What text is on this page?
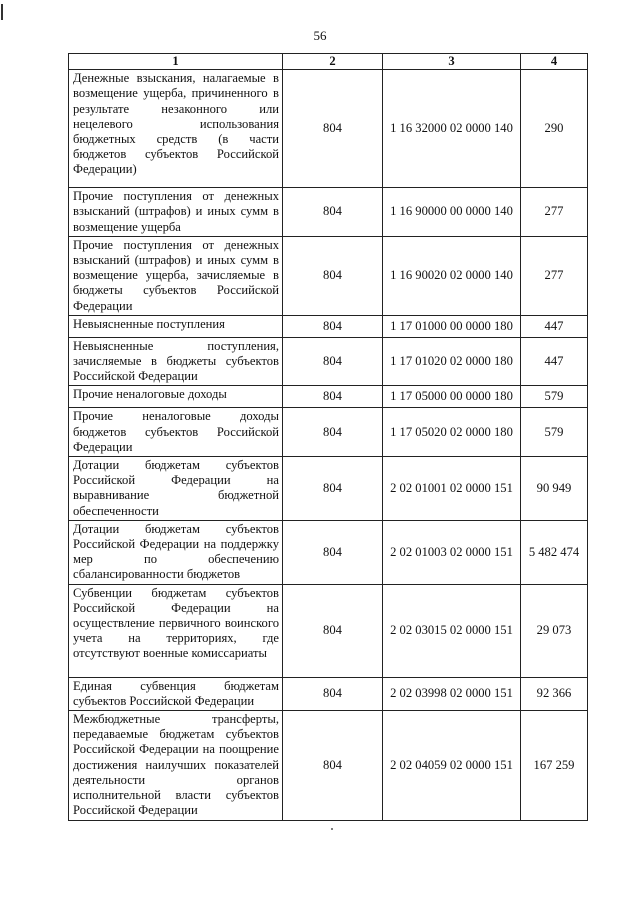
56
1	2	3	4
Денежные взыскания, налагаемые в возмещение ущерба, причиненного в результате незаконного или нецелевого использования бюджетных средств (в части бюджетов субъектов Российской Федерации)	804	1 16 32000 02 0000 140	290
Прочие поступления от денежных взысканий (штрафов) и иных сумм в возмещение ущерба	804	1 16 90000 00 0000 140	277
Прочие поступления от денежных взысканий (штрафов) и иных сумм в возмещение ущерба, зачисляемые в бюджеты субъектов Российской Федерации	804	1 16 90020 02 0000 140	277
Невыясненные поступления	804	1 17 01000 00 0000 180	447
Невыясненные поступления, зачисляемые в бюджеты субъектов Российской Федерации	804	1 17 01020 02 0000 180	447
Прочие неналоговые доходы	804	1 17 05000 00 0000 180	579
Прочие неналоговые доходы бюджетов субъектов Российской Федерации	804	1 17 05020 02 0000 180	579
Дотации бюджетам субъектов Российской Федерации на выравнивание бюджетной обеспеченности	804	2 02 01001 02 0000 151	90 949
Дотации бюджетам субъектов Российской Федерации на поддержку мер по обеспечению сбалансированности бюджетов	804	2 02 01003 02 0000 151	5 482 474
Субвенции бюджетам субъектов Российской Федерации на осуществление первичного воинского учета на территориях, где отсутствуют военные комиссариаты	804	2 02 03015 02 0000 151	29 073
Единая субвенция бюджетам субъектов Российской Федерации	804	2 02 03998 02 0000 151	92 366
Межбюджетные трансферты, передаваемые бюджетам субъектов Российской Федерации на поощрение достижения наилучших показателей деятельности органов исполнительной власти субъектов Российской Федерации	804	2 02 04059 02 0000 151	167 259
